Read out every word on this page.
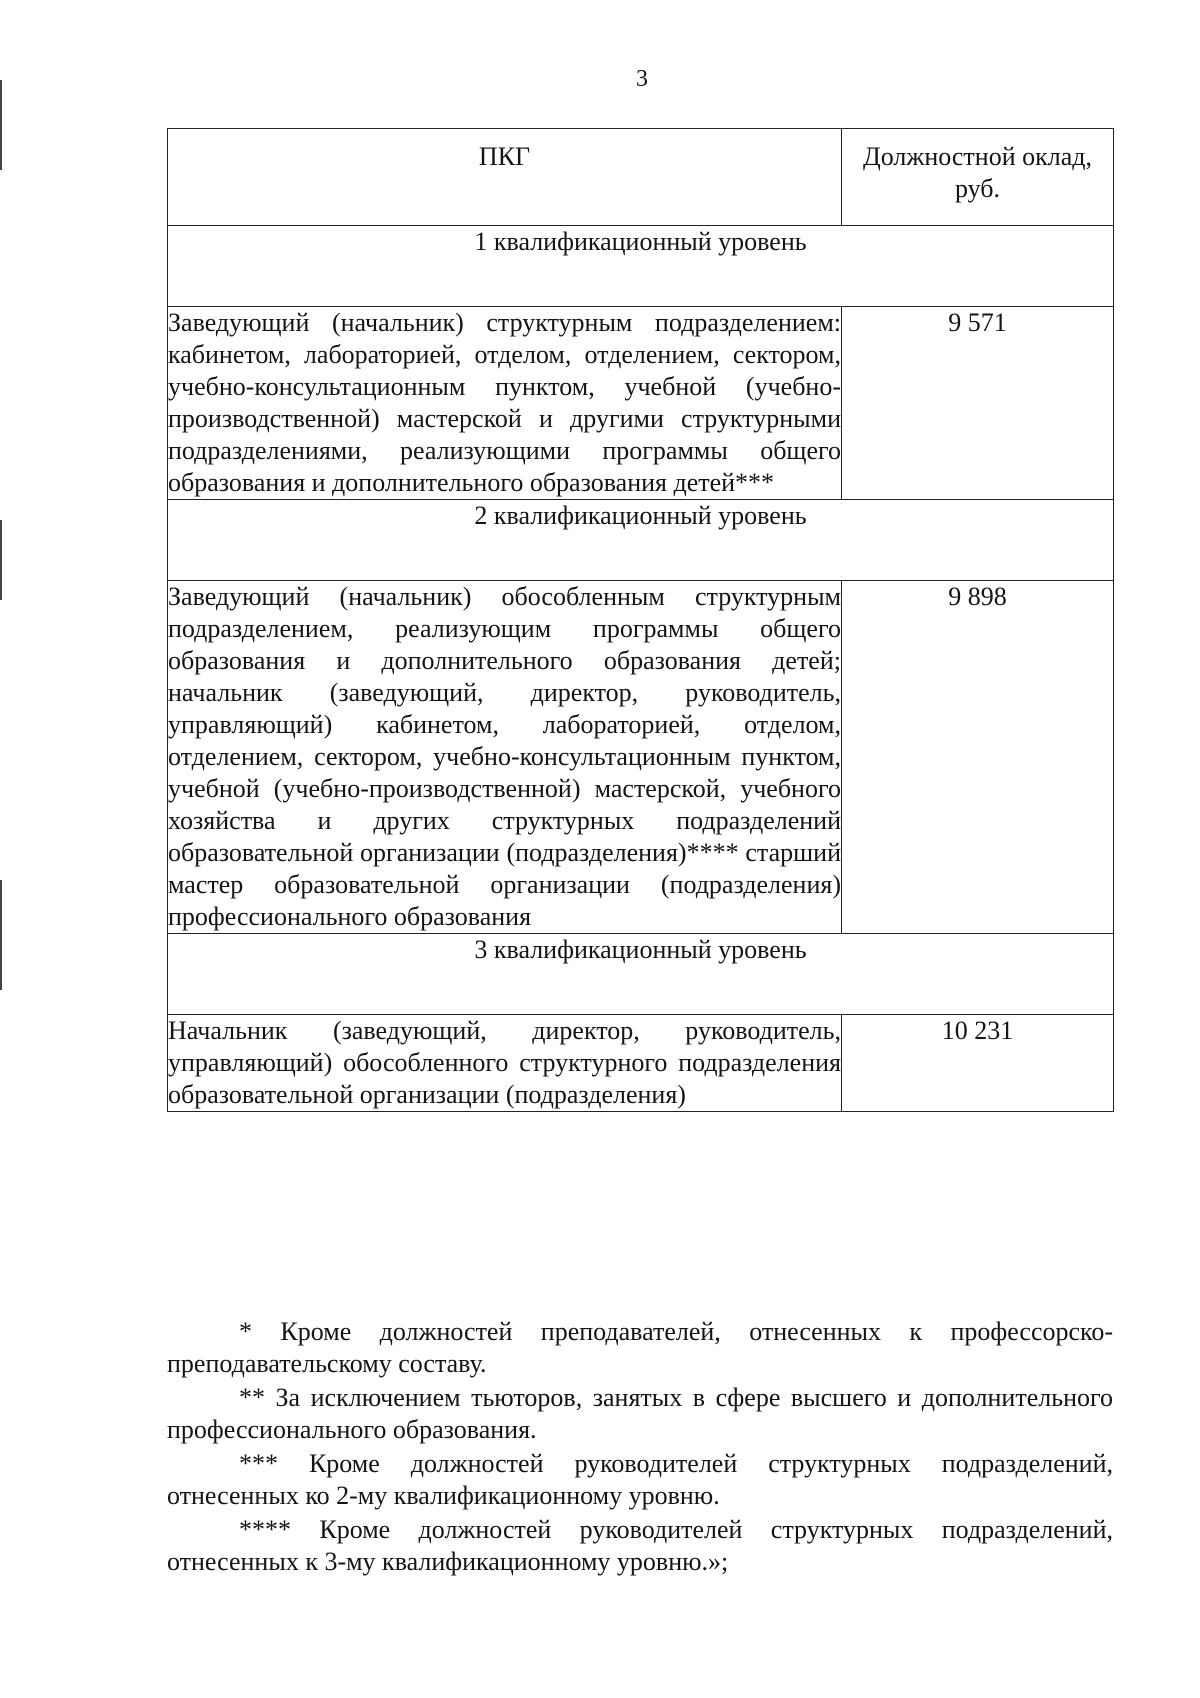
3
ПКГ	Должностной оклад, руб.
1 квалификационный уровень	
Заведующий (начальник) структурным подразделением: кабинетом, лабораторией, отделом, отделением, сектором, учебно-консультационным пунктом, учебной (учебно-производственной) мастерской и другими структурными подразделениями, реализующими программы общего образования и дополнительного образования детей***	9 571
2 квалификационный уровень	
Заведующий (начальник) обособленным структурным подразделением, реализующим программы общего образования и дополнительного образования детей; начальник (заведующий, директор, руководитель, управляющий) кабинетом, лабораторией, отделом, отделением, сектором, учебно-консультационным пунктом, учебной (учебно-производственной) мастерской, учебного хозяйства и других структурных подразделений образовательной организации (подразделения)**** старший мастер образовательной организации (подразделения) профессионального образования	9 898
3 квалификационный уровень	
Начальник (заведующий, директор, руководитель, управляющий) обособленного структурного подразделения образовательной организации (подразделения)	10 231

* Кроме должностей преподавателей, отнесенных к профессорско-преподавательскому составу.

** За исключением тьюторов, занятых в сфере высшего и дополнительного профессионального образования.

*** Кроме должностей руководителей структурных подразделений, отнесенных ко 2-му квалификационному уровню.

**** Кроме должностей руководителей структурных подразделений, отнесенных к 3-му квалификационному уровню.»;
